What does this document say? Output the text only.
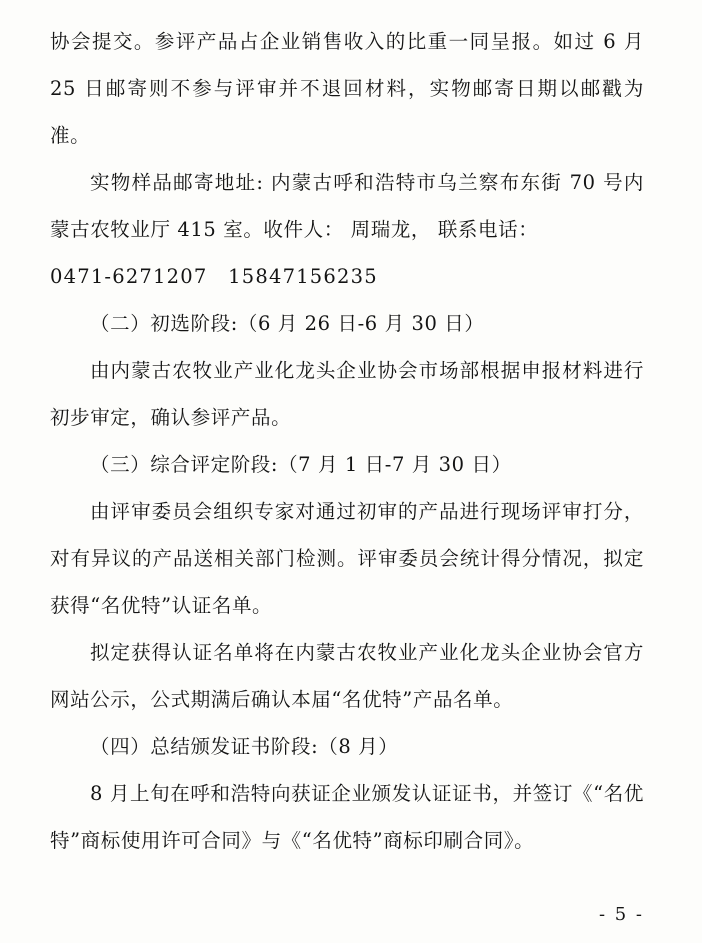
协会提交。参评产品占企业销售收入的比重一同呈报。如过 6 月 25 日邮寄则不参与评审并不退回材料，实物邮寄日期以邮戳为准。

实物样品邮寄地址: 内蒙古呼和浩特市乌兰察布东街 70 号内蒙古农牧业厅 415 室。收件人： 周瑞龙， 联系电话：

0471-6271207　15847156235

（二）初选阶段:（6 月 26 日-6 月 30 日）

由内蒙古农牧业产业化龙头企业协会市场部根据申报材料进行初步审定，确认参评产品。

（三）综合评定阶段:（7 月 1 日-7 月 30 日）

由评审委员会组织专家对通过初审的产品进行现场评审打分，对有异议的产品送相关部门检测。评审委员会统计得分情况，拟定获得“名优特”认证名单。

拟定获得认证名单将在内蒙古农牧业产业化龙头企业协会官方网站公示，公式期满后确认本届“名优特”产品名单。

（四）总结颁发证书阶段:（8 月）

8 月上旬在呼和浩特向获证企业颁发认证证书，并签订《“名优特”商标使用许可合同》与《“名优特”商标印刷合同》。

- 5 -
